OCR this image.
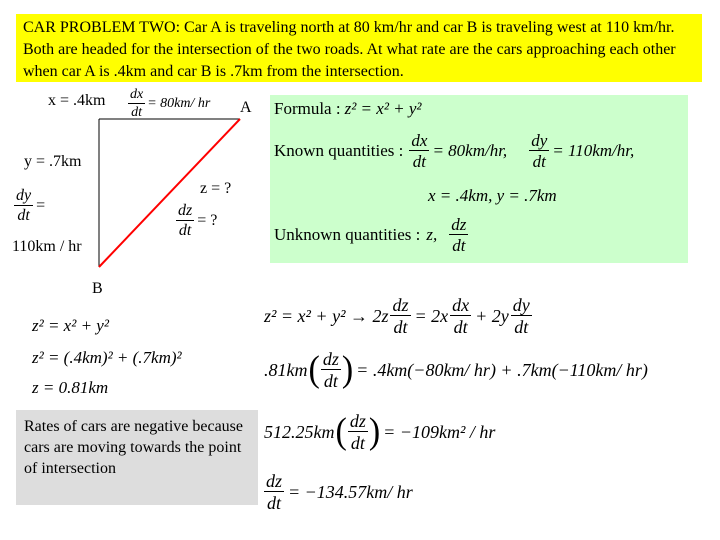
CAR PROBLEM TWO: Car A is traveling north at 80 km/hr and car B is traveling west at 110 km/hr. Both are headed for the intersection of the two roads. At what rate are the cars approaching each other when car A is .4km and car B is .7km from the intersection.
$x = .4km \frac{dx}{dt} = 80km/$ hr A
B
y = .7km
$\frac{dy}{dt}$ =
110km / hr
z = ?
$\frac{dz}{dt}$ = ?
Formula : z² = x² + y²
Known quantities : $\frac{dx}{dt} = 80km/hr$, $\frac{dy}{dt} = 110km/hr$,
x = .4km, y = .7km
Unknown quantities : z, $\frac{dz}{dt}$
z² = x² + y²
z² = (.4km)² + (.7km)²
z = 0.81km
Rates of cars are negative because cars are moving towards the point of intersection
$z^2 = x^2 + y^2 \to 2z \frac{dz}{dt} = 2x \frac{dx}{dt} + 2y \frac{dy}{dt}$
.81km ( $\frac{dz}{dt}$ ) = .4km(−80km/ hr) + .7km(−110km/ hr)
512.25km ( $\frac{dz}{dt}$ ) = −109km² / hr
$\frac{dz}{dt} = -134.57km/$ hr
